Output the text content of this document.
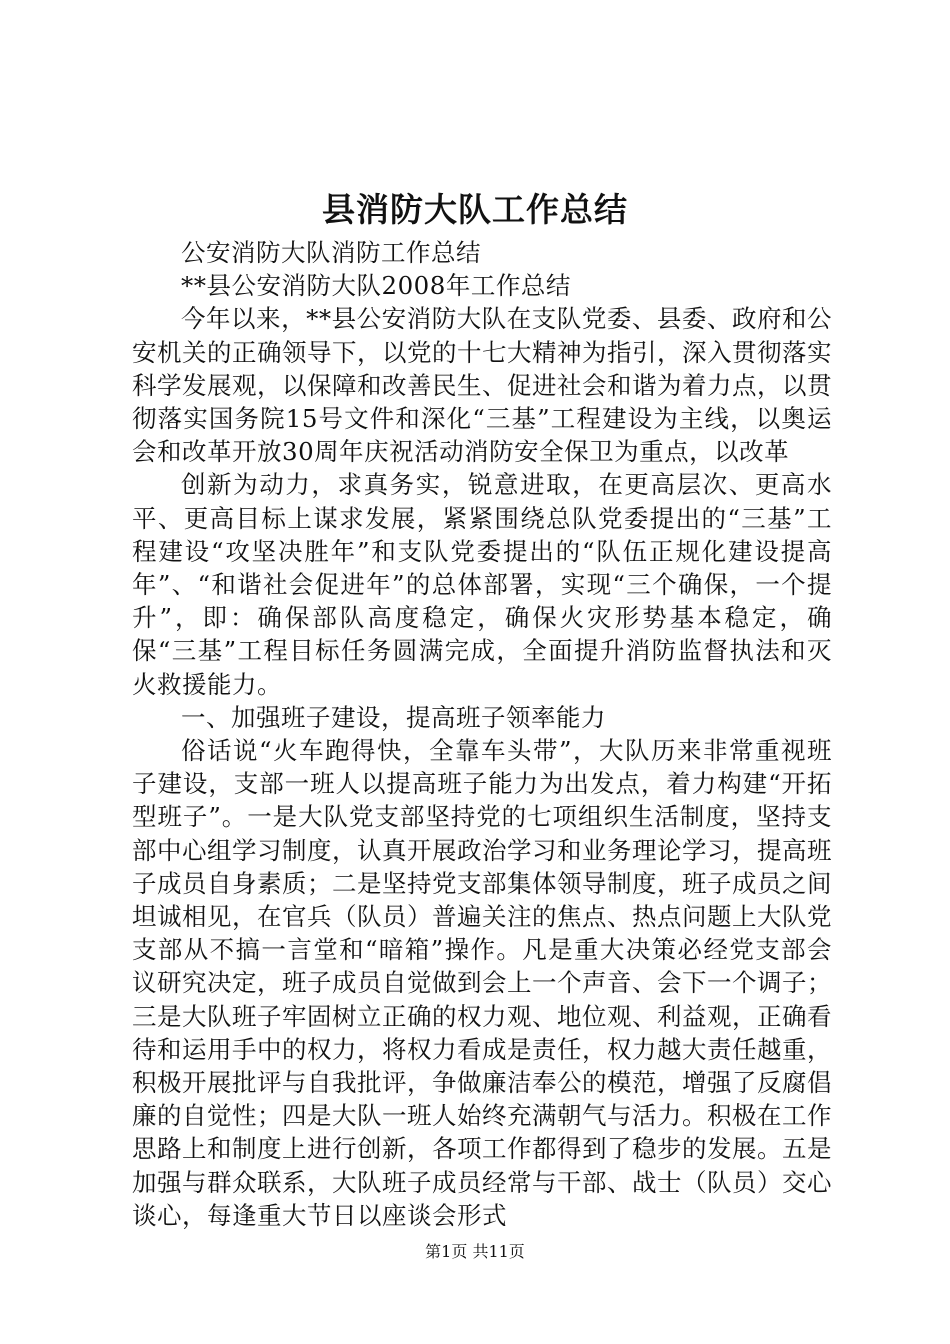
县消防大队工作总结

公安消防大队消防工作总结

**县公安消防大队2008年工作总结

今年以来，**县公安消防大队在支队党委、县委、政府和公安机关的正确领导下，以党的十七大精神为指引，深入贯彻落实科学发展观，以保障和改善民生、促进社会和谐为着力点，以贯彻落实国务院15号文件和深化“三基”工程建设为主线，以奥运会和改革开放30周年庆祝活动消防安全保卫为重点，以改革

创新为动力，求真务实，锐意进取，在更高层次、更高水平、更高目标上谋求发展，紧紧围绕总队党委提出的“三基”工程建设“攻坚决胜年”和支队党委提出的“队伍正规化建设提高年”、“和谐社会促进年”的总体部署，实现“三个确保，一个提升”，即：确保部队高度稳定，确保火灾形势基本稳定，确保“三基”工程目标任务圆满完成，全面提升消防监督执法和灭火救援能力。

一、加强班子建设，提高班子领率能力

俗话说“火车跑得快，全靠车头带”，大队历来非常重视班子建设，支部一班人以提高班子能力为出发点，着力构建“开拓型班子”。一是大队党支部坚持党的七项组织生活制度，坚持支部中心组学习制度，认真开展政治学习和业务理论学习，提高班子成员自身素质；二是坚持党支部集体领导制度，班子成员之间坦诚相见，在官兵（队员）普遍关注的焦点、热点问题上大队党支部从不搞一言堂和“暗箱”操作。凡是重大决策必经党支部会议研究决定，班子成员自觉做到会上一个声音、会下一个调子；三是大队班子牢固树立正确的权力观、地位观、利益观，正确看待和运用手中的权力，将权力看成是责任，权力越大责任越重，积极开展批评与自我批评，争做廉洁奉公的模范，增强了反腐倡廉的自觉性；四是大队一班人始终充满朝气与活力。积极在工作思路上和制度上进行创新，各项工作都得到了稳步的发展。五是加强与群众联系，大队班子成员经常与干部、战士（队员）交心谈心，每逢重大节日以座谈会形式

第1页 共11页
